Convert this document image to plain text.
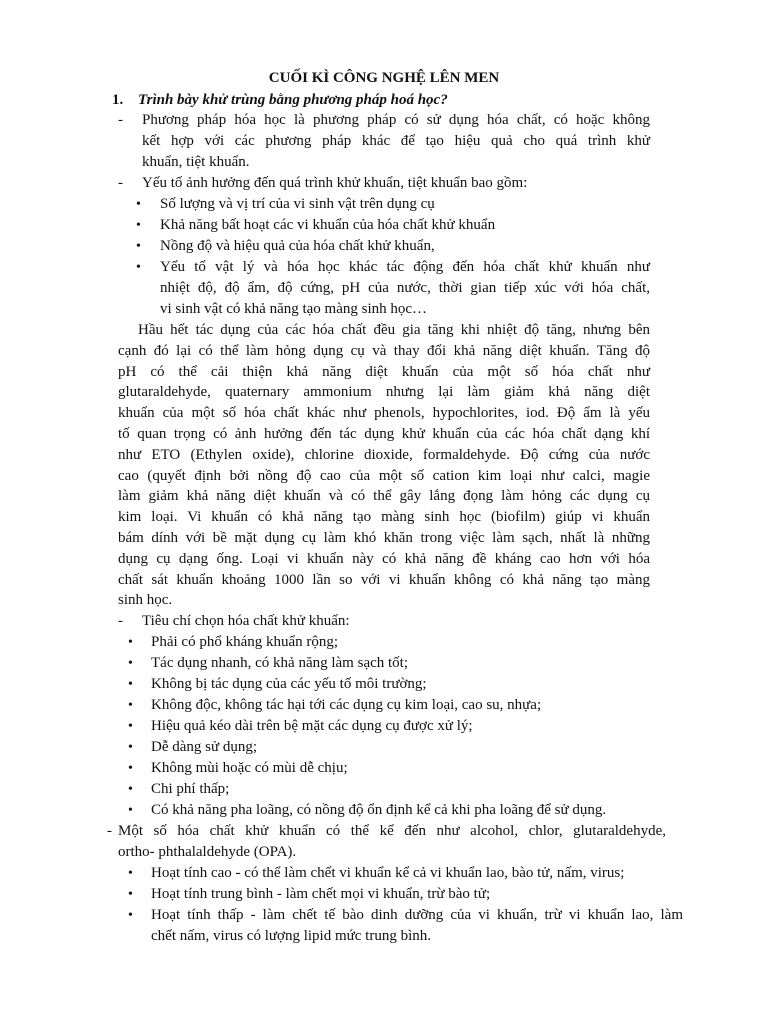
CUỐI KÌ CÔNG NGHỆ LÊN MEN
1. Trình bày khử trùng bằng phương pháp hoá học?
-	Phương pháp hóa học là phương pháp có sử dụng hóa chất, có hoặc không
kết hợp với các phương pháp khác để tạo hiệu quả cho quá trình khử
khuẩn, tiệt khuẩn.
-	Yếu tố ảnh hưởng đến quá trình khử khuẩn, tiệt khuẩn bao gồm:
•	Số lượng và vị trí của vi sinh vật trên dụng cụ
•	Khả năng bất hoạt các vi khuẩn của hóa chất khử khuẩn
•	Nồng độ và hiệu quả của hóa chất khử khuẩn,
•	Yếu tố vật lý và hóa học khác tác động đến hóa chất khử khuẩn như
nhiệt độ, độ ẩm, độ cứng, pH của nước, thời gian tiếp xúc với hóa chất,
vi sinh vật có khả năng tạo màng sinh học…
Hầu hết tác dụng của các hóa chất đều gia tăng khi nhiệt độ tăng, nhưng bên
cạnh đó lại có thể làm hỏng dụng cụ và thay đổi khả năng diệt khuẩn. Tăng độ
pH có thể cải thiện khả năng diệt khuẩn của một số hóa chất như
glutaraldehyde, quaternary ammonium nhưng lại làm giảm khả năng diệt
khuẩn của một số hóa chất khác như phenols, hypochlorites, iod. Độ ẩm là yếu
tố quan trọng có ảnh hưởng đến tác dụng khử khuẩn của các hóa chất dạng khí
như ETO (Ethylen oxide), chlorine dioxide, formaldehyde. Độ cứng của nước
cao (quyết định bởi nồng độ cao của một số cation kim loại như calci, magie
làm giảm khả năng diệt khuẩn và có thể gây lắng đọng làm hỏng các dụng cụ
kim loại. Vi khuẩn có khả năng tạo màng sinh học (biofilm) giúp vi khuẩn
bám dính với bề mặt dụng cụ làm khó khăn trong việc làm sạch, nhất là những
dụng cụ dạng ống. Loại vi khuẩn này có khả năng đề kháng cao hơn với hóa
chất sát khuẩn khoảng 1000 lần so với vi khuẩn không có khả năng tạo màng
sinh học.
-	Tiêu chí chọn hóa chất khử khuẩn:
•	Phải có phổ kháng khuẩn rộng;
•	Tác dụng nhanh, có khả năng làm sạch tốt;
•	Không bị tác dụng của các yếu tố môi trường;
•	Không độc, không tác hại tới các dụng cụ kim loại, cao su, nhựa;
•	Hiệu quả kéo dài trên bệ mặt các dụng cụ được xử lý;
•	Dễ dàng sử dụng;
•	Không mùi hoặc có mùi dễ chịu;
•	Chi phí thấp;
•	Có khả năng pha loãng, có nồng độ ổn định kể cả khi pha loãng để sử dụng.
- Một số hóa chất khử khuẩn có thể kể đến như alcohol, chlor, glutaraldehyde,
ortho- phthalaldehyde (OPA).
•	Hoạt tính cao - có thể làm chết vi khuẩn kể cả vi khuẩn lao, bào tử, nấm, virus;
•	Hoạt tính trung bình - làm chết mọi vi khuẩn, trừ bào tử;
•	Hoạt tính thấp - làm chết tế bào dinh dưỡng của vi khuẩn, trừ vi khuẩn lao, làm
chết nấm, virus có lượng lipid mức trung bình.
